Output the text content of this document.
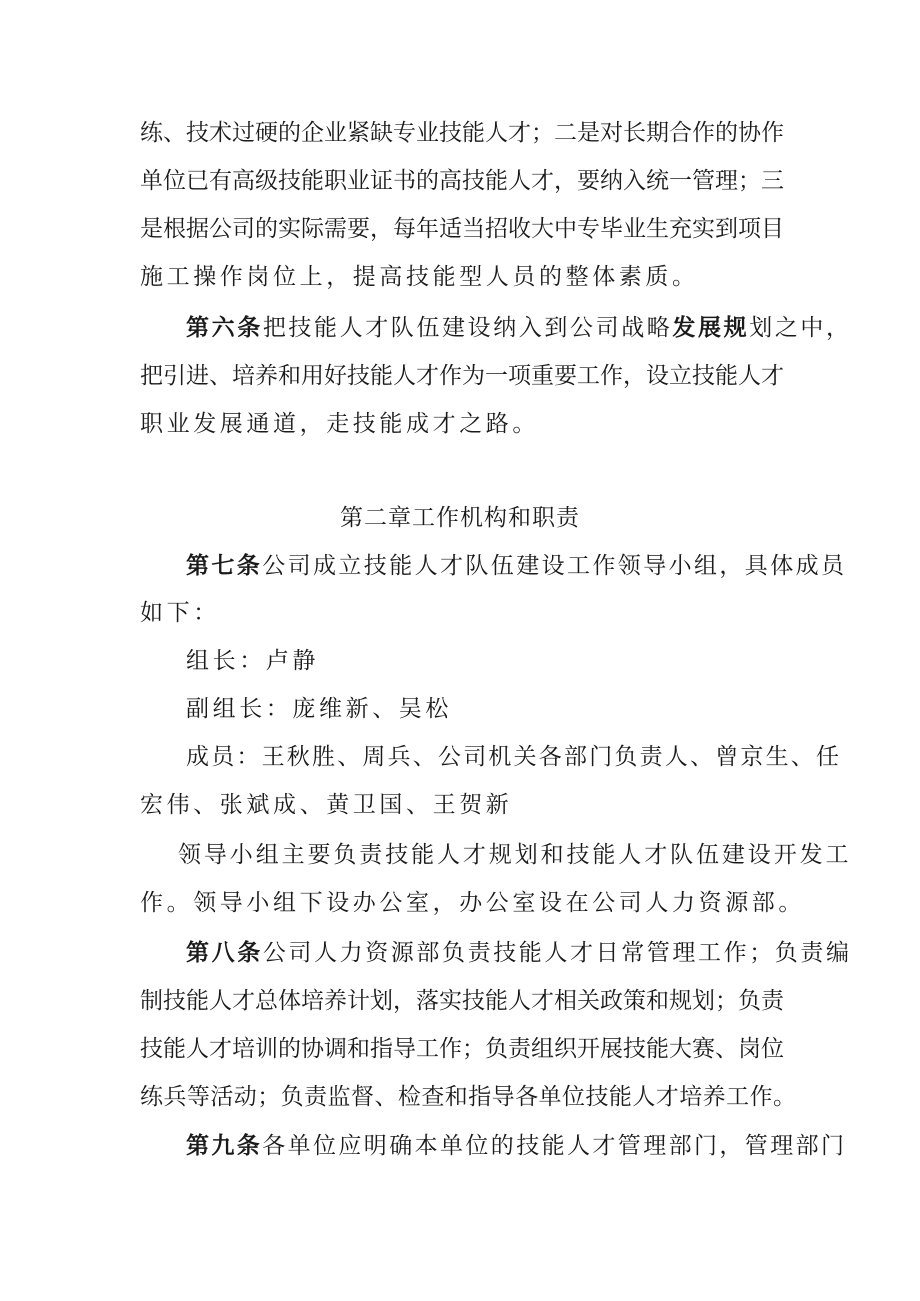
练、技术过硬的企业紧缺专业技能人才；二是对长期合作的协作
单位已有高级技能职业证书的高技能人才，要纳入统一管理；三
是根据公司的实际需要，每年适当招收大中专毕业生充实到项目
施工操作岗位上，提高技能型人员的整体素质。
第六条把技能人才队伍建设纳入到公司战略发展规划之中，
把引进、培养和用好技能人才作为一项重要工作，设立技能人才
职业发展通道，走技能成才之路。
第二章工作机构和职责
第七条公司成立技能人才队伍建设工作领导小组，具体成员
如下：
组长：卢静
副组长：庞维新、吴松
成员：王秋胜、周兵、公司机关各部门负责人、曾京生、任
宏伟、张斌成、黄卫国、王贺新
领导小组主要负责技能人才规划和技能人才队伍建设开发工
作。领导小组下设办公室，办公室设在公司人力资源部。
第八条公司人力资源部负责技能人才日常管理工作；负责编
制技能人才总体培养计划，落实技能人才相关政策和规划；负责
技能人才培训的协调和指导工作；负责组织开展技能大赛、岗位
练兵等活动；负责监督、检查和指导各单位技能人才培养工作。
第九条各单位应明确本单位的技能人才管理部门，管理部门
